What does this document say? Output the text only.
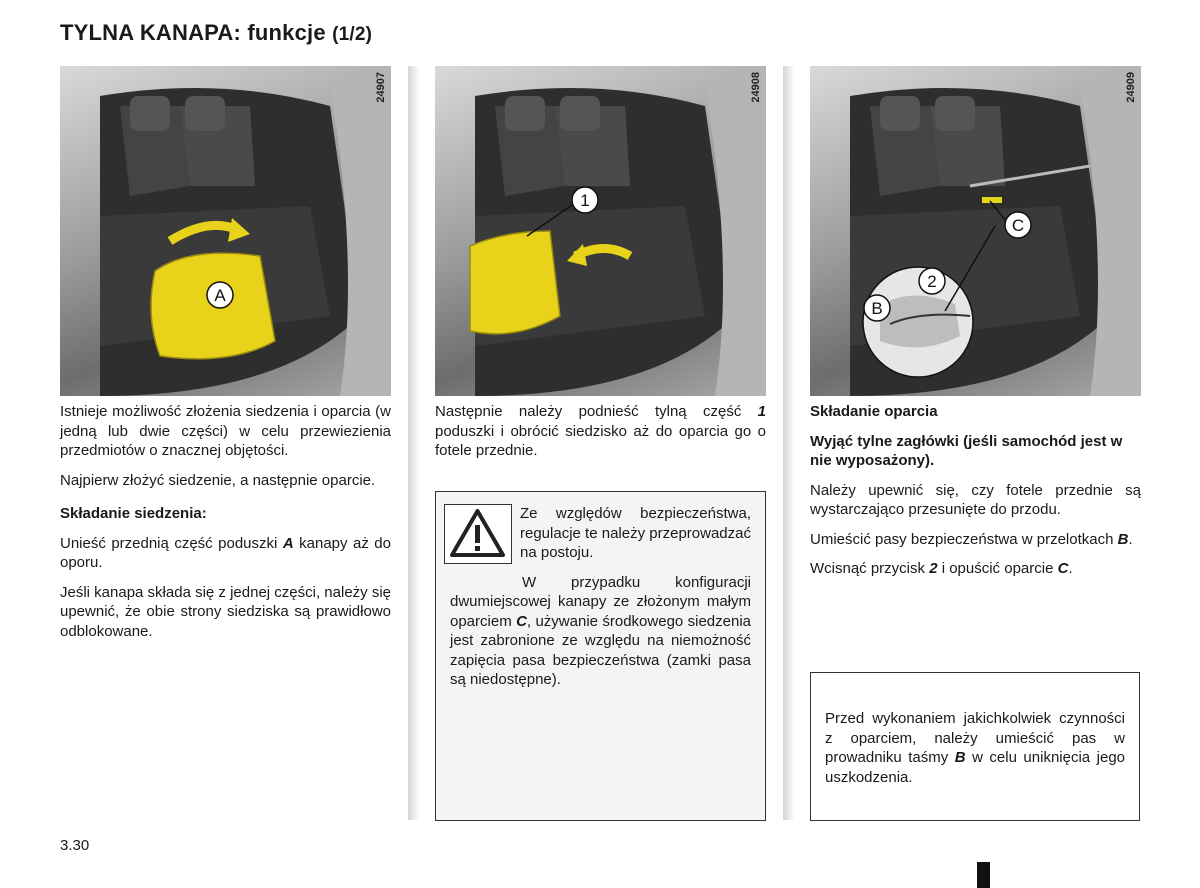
TYLNA KANAPA: funkcje (1/2)
A
24907
1
24908
C
2
B
24909

Istnieje możliwość złożenia siedzenia i oparcia (w jedną lub dwie części) w celu przewiezienia przedmiotów o znacznej objętości.

Najpierw złożyć siedzenie, a następnie oparcie.

Składanie siedzenia:

Unieść przednią część poduszki A kanapy aż do oporu.

Jeśli kanapa składa się z jednej części, należy się upewnić, że obie strony siedziska są prawidłowo odblokowane.

Następnie należy podnieść tylną część 1 poduszki i obrócić siedzisko aż do oparcia go o fotele przednie.

Ze względów bezpieczeństwa, regulacje te należy przeprowadzać na postoju.

W przypadku konfiguracji dwumiejscowej kanapy ze złożonym małym oparciem C, używanie środkowego siedzenia jest zabronione ze względu na niemożność zapięcia pasa bezpieczeństwa (zamki pasa są niedostępne).

Składanie oparcia

Wyjąć tylne zagłówki (jeśli samochód jest w nie wyposażony).

Należy upewnić się, czy fotele przednie są wystarczająco przesunięte do przodu.

Umieścić pasy bezpieczeństwa w przelotkach B.

Wcisnąć przycisk 2 i opuścić oparcie C.

Przed wykonaniem jakichkolwiek czynności z oparciem, należy umieścić pas w prowadniku taśmy B w celu uniknięcia jego uszkodzenia.

3.30
